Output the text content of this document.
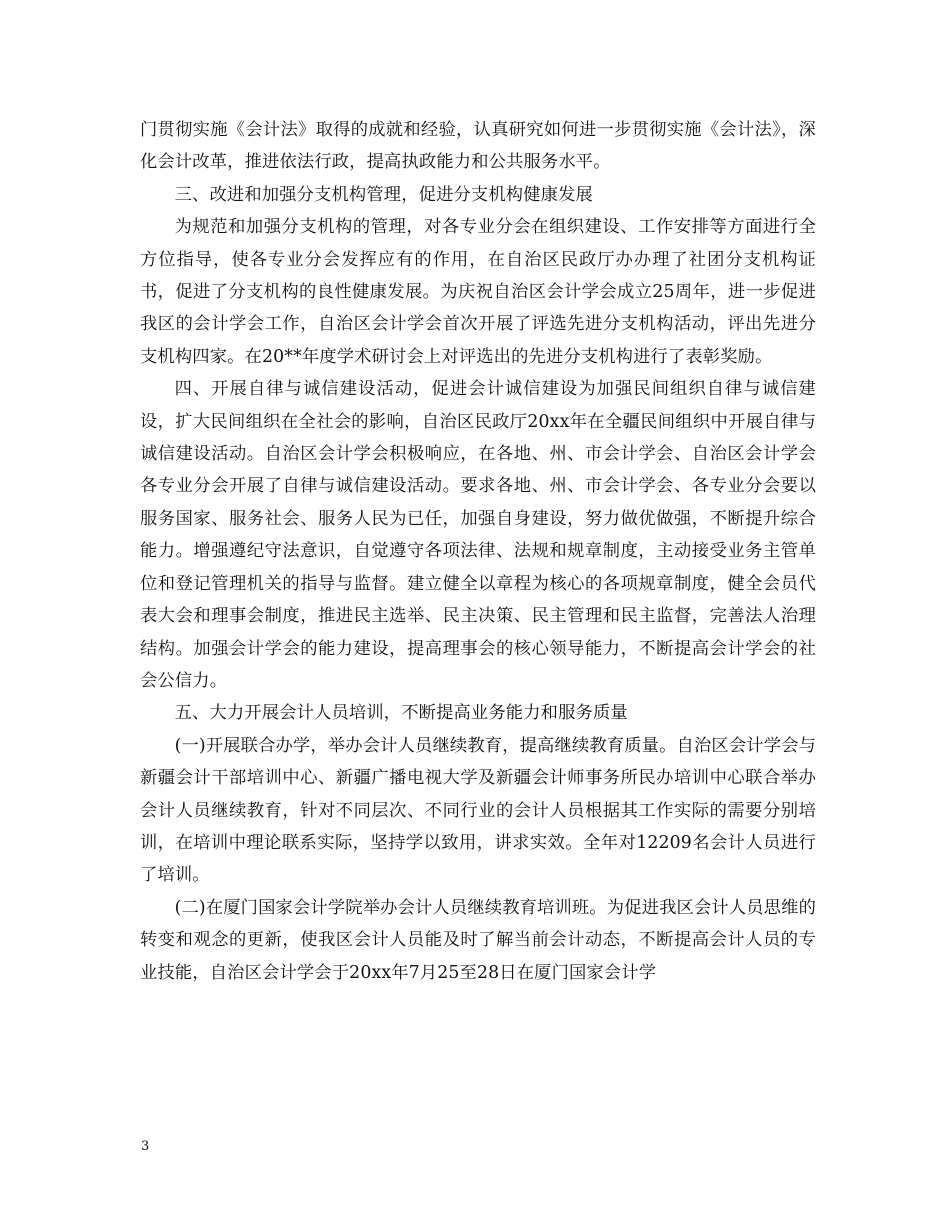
门贯彻实施《会计法》取得的成就和经验，认真研究如何进一步贯彻实施《会计法》，深化会计改革，推进依法行政，提高执政能力和公共服务水平。

三、改进和加强分支机构管理，促进分支机构健康发展

为规范和加强分支机构的管理，对各专业分会在组织建设、工作安排等方面进行全方位指导，使各专业分会发挥应有的作用，在自治区民政厅办办理了社团分支机构证书，促进了分支机构的良性健康发展。为庆祝自治区会计学会成立25周年，进一步促进我区的会计学会工作，自治区会计学会首次开展了评选先进分支机构活动，评出先进分支机构四家。在20**年度学术研讨会上对评选出的先进分支机构进行了表彰奖励。

四、开展自律与诚信建设活动，促进会计诚信建设为加强民间组织自律与诚信建设，扩大民间组织在全社会的影响，自治区民政厅20xx年在全疆民间组织中开展自律与诚信建设活动。自治区会计学会积极响应，在各地、州、市会计学会、自治区会计学会各专业分会开展了自律与诚信建设活动。要求各地、州、市会计学会、各专业分会要以服务国家、服务社会、服务人民为已任，加强自身建设，努力做优做强，不断提升综合能力。增强遵纪守法意识，自觉遵守各项法律、法规和规章制度，主动接受业务主管单位和登记管理机关的指导与监督。建立健全以章程为核心的各项规章制度，健全会员代表大会和理事会制度，推进民主选举、民主决策、民主管理和民主监督，完善法人治理结构。加强会计学会的能力建设，提高理事会的核心领导能力，不断提高会计学会的社会公信力。

五、大力开展会计人员培训，不断提高业务能力和服务质量

(一)开展联合办学，举办会计人员继续教育，提高继续教育质量。自治区会计学会与新疆会计干部培训中心、新疆广播电视大学及新疆会计师事务所民办培训中心联合举办会计人员继续教育，针对不同层次、不同行业的会计人员根据其工作实际的需要分别培训，在培训中理论联系实际，坚持学以致用，讲求实效。全年对12209名会计人员进行了培训。

(二)在厦门国家会计学院举办会计人员继续教育培训班。为促进我区会计人员思维的转变和观念的更新，使我区会计人员能及时了解当前会计动态，不断提高会计人员的专业技能，自治区会计学会于20xx年7月25至28日在厦门国家会计学

3
